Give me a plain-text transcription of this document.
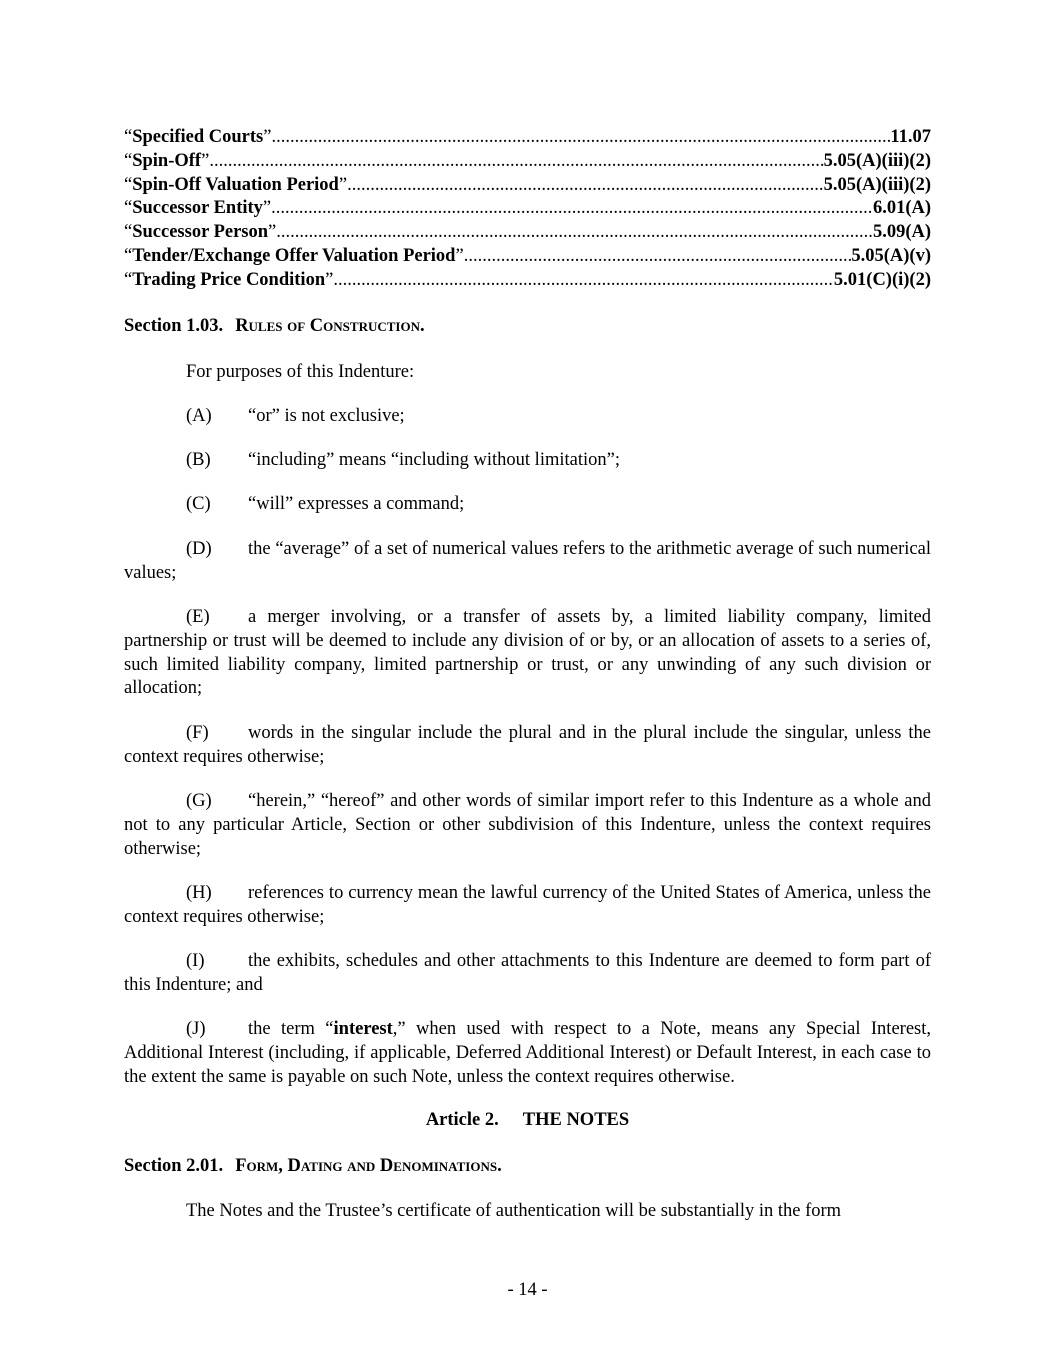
“Specified Courts” .....	11.07
“Spin-Off” .....	5.05(A)(iii)(2)
“Spin-Off Valuation Period” .....	5.05(A)(iii)(2)
“Successor Entity” .....	6.01(A)
“Successor Person” .....	5.09(A)
“Tender/Exchange Offer Valuation Period” .....	5.05(A)(v)
“Trading Price Condition” .....	5.01(C)(i)(2)
Section 1.03. Rules of Construction.
For purposes of this Indenture:
(A) “or” is not exclusive;
(B) “including” means “including without limitation”;
(C) “will” expresses a command;
(D) the “average” of a set of numerical values refers to the arithmetic average of such numerical values;
(E) a merger involving, or a transfer of assets by, a limited liability company, limited partnership or trust will be deemed to include any division of or by, or an allocation of assets to a series of, such limited liability company, limited partnership or trust, or any unwinding of any such division or allocation;
(F) words in the singular include the plural and in the plural include the singular, unless the context requires otherwise;
(G) “herein,” “hereof” and other words of similar import refer to this Indenture as a whole and not to any particular Article, Section or other subdivision of this Indenture, unless the context requires otherwise;
(H) references to currency mean the lawful currency of the United States of America, unless the context requires otherwise;
(I) the exhibits, schedules and other attachments to this Indenture are deemed to form part of this Indenture; and
(J) the term “interest,” when used with respect to a Note, means any Special Interest, Additional Interest (including, if applicable, Deferred Additional Interest) or Default Interest, in each case to the extent the same is payable on such Note, unless the context requires otherwise.
Article 2. THE NOTES
Section 2.01. Form, Dating and Denominations.
The Notes and the Trustee’s certificate of authentication will be substantially in the form
- 14 -
